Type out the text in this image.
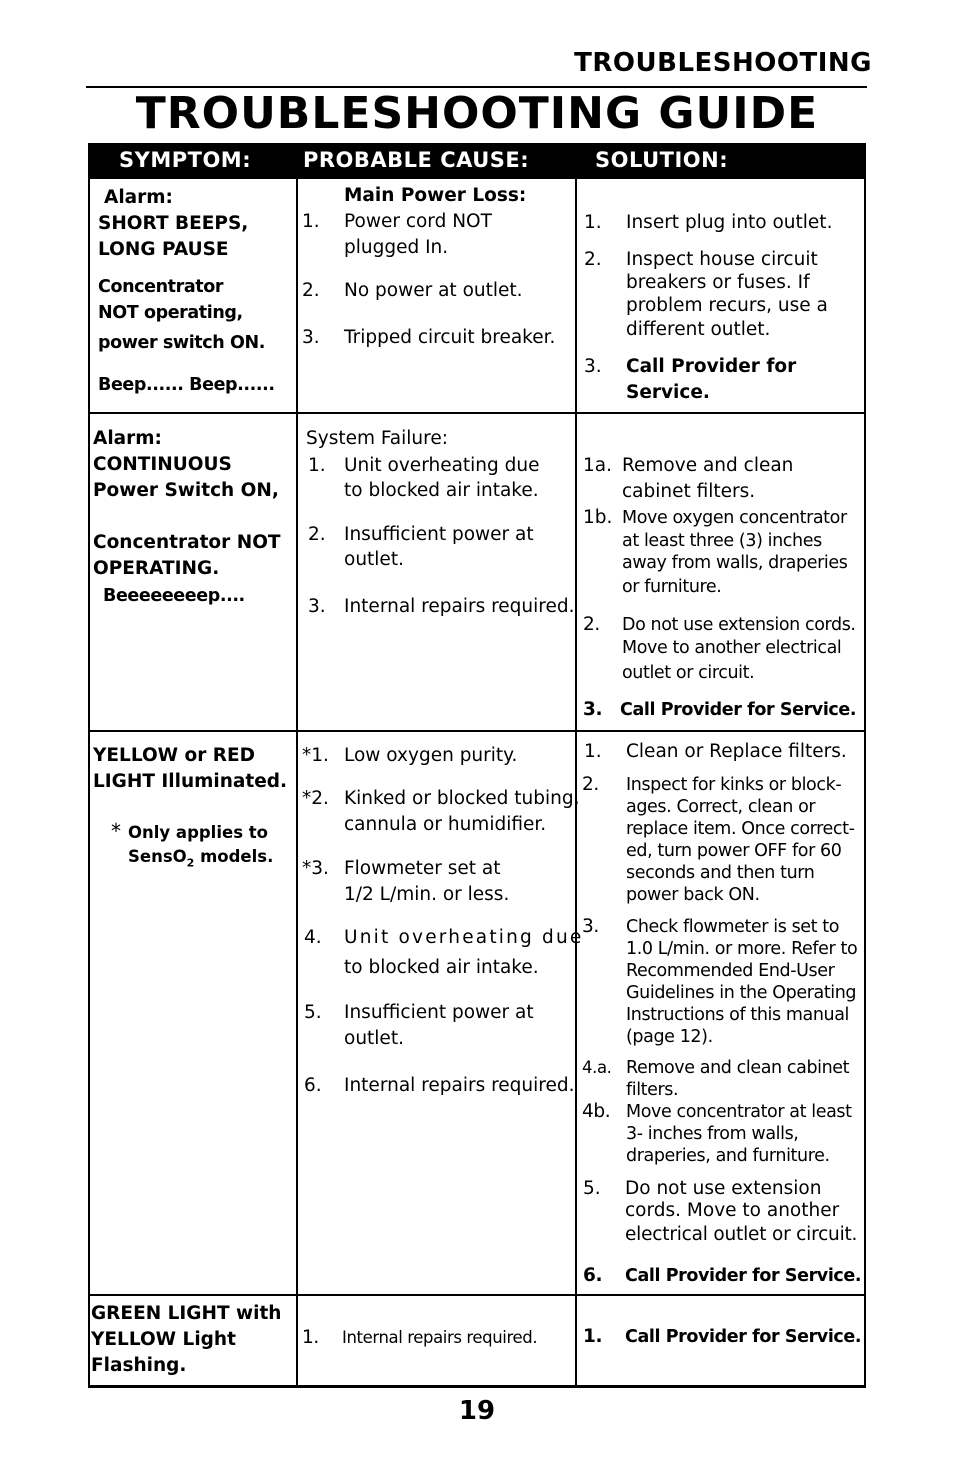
TROUBLESHOOTING
TROUBLESHOOTING GUIDE
SYMPTOM: PROBABLE CAUSE:	SOLUTION:
Alarm:
SHORT BEEPS,
LONG PAUSE
Concentrator
NOT operating,
power switch ON.
Beep...... Beep......
Main Power Loss:
1. Power cord NOT
plugged In.
2. No power at outlet.
3. Tripped circuit breaker.
1. Insert plug into outlet.
2. Inspect house circuit
breakers or fuses. If
problem recurs, use a
different outlet.
3. Call Provider for
Service.
Alarm:
CONTINUOUS
Power Switch ON,
Concentrator NOT
OPERATING.
Beeeeeeeep....
System Failure:
1. Unit overheating due
to blocked air intake.
2. Insufficient power at
outlet.
3. Internal repairs required.
1a. Remove and clean
cabinet filters.
1b. Move oxygen concentrator
at least three (3) inches
away from walls, draperies
or furniture.
2. Do not use extension cords.
Move to another electrical
outlet or circuit.
3. Call Provider for Service.
YELLOW or RED
LIGHT Illuminated.
* Only applies to
SensO$_2$ models.
*1. Low oxygen purity.
*2. Kinked or blocked tubing,
cannula or humidifier.
*3. Flowmeter set at
1/2 L/min. or less.
4. Unit overheating due
to blocked air intake.
5. Insufficient power at
outlet.
6. Internal repairs required.
1. Clean or Replace filters.
2. Inspect for kinks or block-
ages. Correct, clean or
replace item. Once correct-
ed, turn power OFF for 60
seconds and then turn
power back ON.
3. Check flowmeter is set to
1.0 L/min. or more. Refer to
Recommended End-User
Guidelines in the Operating
Instructions of this manual
(page 12).
4.a. Remove and clean cabinet
filters.
4b. Move concentrator at least
3- inches from walls,
draperies, and furniture.
5. Do not use extension
cords. Move to another
electrical outlet or circuit.
6. Call Provider for Service.
GREEN LIGHT with
YELLOW Light
Flashing.
1. Internal repairs required. 1. Call Provider for Service.
19
